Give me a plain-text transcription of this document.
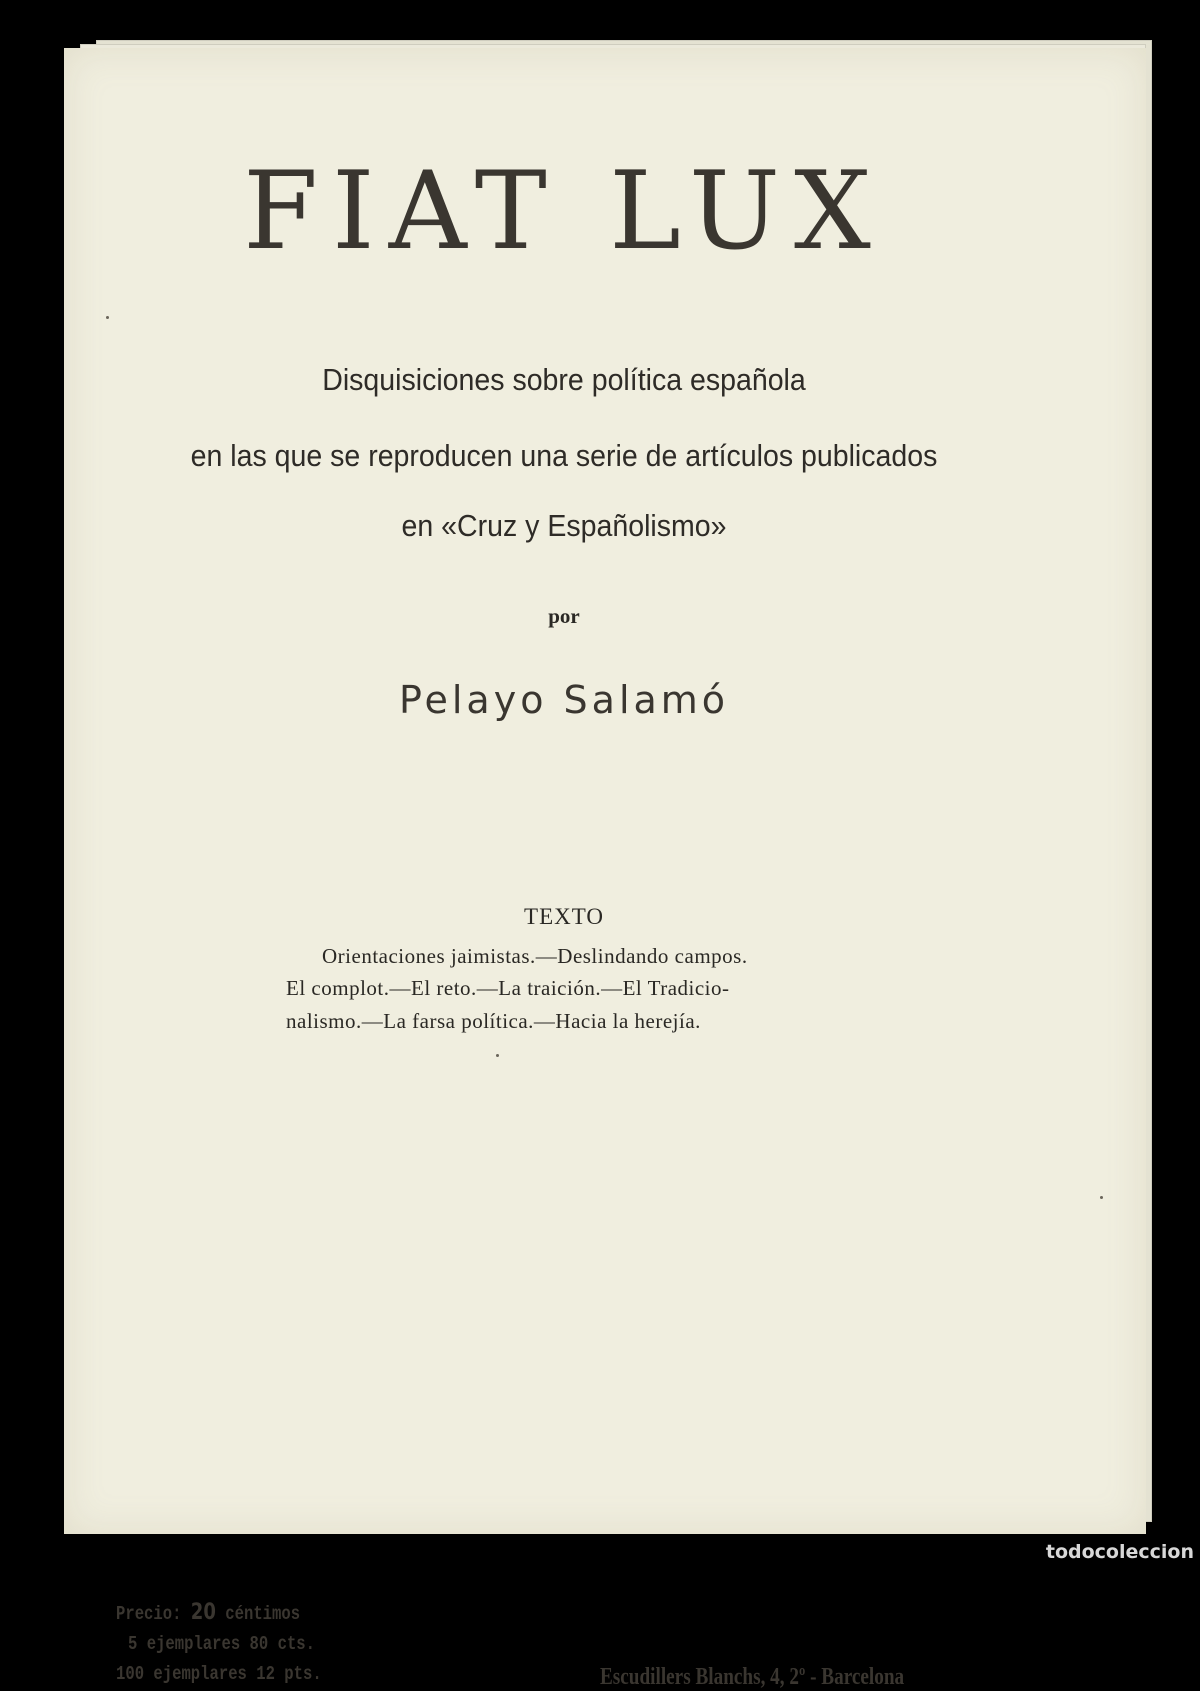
FIAT LUX
Disquisiciones sobre política española
en las que se reproducen una serie de artículos publicados
en «Cruz y Españolismo»
por
Pelayo Salamó
TEXTO
Orientaciones jaimistas.—Deslindando campos.
El complot.—El reto.—La traición.—El Tradicio-
nalismo.—La farsa política.—Hacia la herejía.
Precio: 20 céntimos
5 ejemplares 80 cts.
100 ejemplares 12 pts.	Escudillers Blanchs, 4, 2º - Barcelona
todocoleccion
